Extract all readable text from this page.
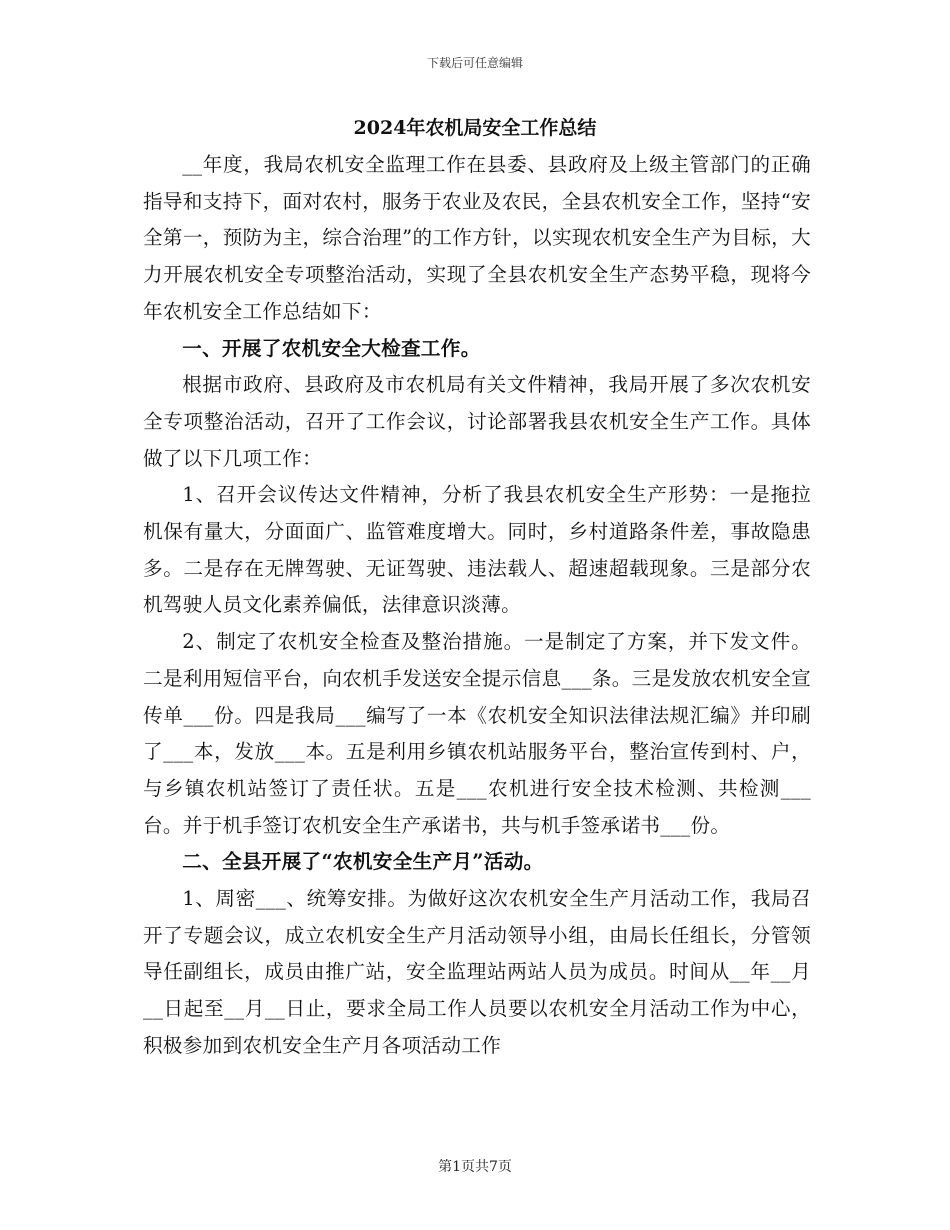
下载后可任意编辑
2024年农机局安全工作总结

__年度，我局农机安全监理工作在县委、县政府及上级主管部门的正确指导和支持下，面对农村，服务于农业及农民，全县农机安全工作，坚持“安全第一，预防为主，综合治理”的工作方针，以实现农机安全生产为目标，大力开展农机安全专项整治活动，实现了全县农机安全生产态势平稳，现将今年农机安全工作总结如下：

一、开展了农机安全大检查工作。

根据市政府、县政府及市农机局有关文件精神，我局开展了多次农机安全专项整治活动，召开了工作会议，讨论部署我县农机安全生产工作。具体做了以下几项工作：

1、召开会议传达文件精神，分析了我县农机安全生产形势：一是拖拉机保有量大，分面面广、监管难度增大。同时，乡村道路条件差，事故隐患多。二是存在无牌驾驶、无证驾驶、违法载人、超速超载现象。三是部分农机驾驶人员文化素养偏低，法律意识淡薄。

2、制定了农机安全检查及整治措施。一是制定了方案，并下发文件。二是利用短信平台，向农机手发送安全提示信息___条。三是发放农机安全宣传单___份。四是我局___编写了一本《农机安全知识法律法规汇编》并印刷了___本，发放___本。五是利用乡镇农机站服务平台，整治宣传到村、户，与乡镇农机站签订了责任状。五是___农机进行安全技术检测、共检测___台。并于机手签订农机安全生产承诺书，共与机手签承诺书___份。

二、全县开展了“农机安全生产月”活动。

1、周密___、统筹安排。为做好这次农机安全生产月活动工作，我局召开了专题会议，成立农机安全生产月活动领导小组，由局长任组长，分管领导任副组长，成员由推广站，安全监理站两站人员为成员。时间从__年__月__日起至__月__日止，要求全局工作人员要以农机安全月活动工作为中心，积极参加到农机安全生产月各项活动工作

第1页共7页
